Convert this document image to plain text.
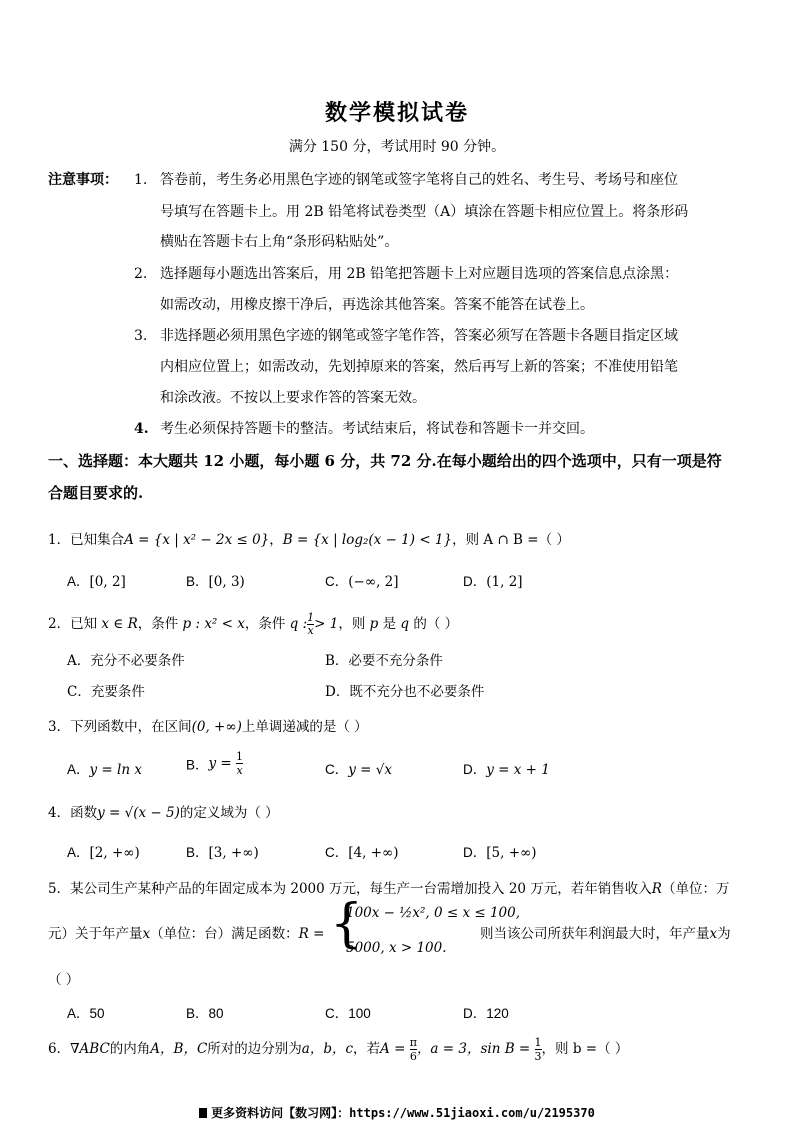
数学模拟试卷
满分 150 分，考试用时 90 分钟。
注意事项： 1. 答卷前，考生务必用黑色字迹的钢笔或签字笔将自己的姓名、考生号、考场号和座位
号填写在答题卡上。用 2B 铅笔将试卷类型（A）填涂在答题卡相应位置上。将条形码
横贴在答题卡右上角“条形码粘贴处”。
2. 选择题每小题选出答案后，用 2B 铅笔把答题卡上对应题目选项的答案信息点涂黑：
如需改动，用橡皮擦干净后，再选涂其他答案。答案不能答在试卷上。
3. 非选择题必须用黑色字迹的钢笔或签字笔作答，答案必须写在答题卡各题目指定区域
内相应位置上；如需改动，先划掉原来的答案，然后再写上新的答案；不准使用铅笔
和涂改液。不按以上要求作答的答案无效。
4. 考生必须保持答题卡的整洁。考试结束后，将试卷和答题卡一并交回。
一、选择题：本大题共 12 小题，每小题 6 分，共 72 分.在每小题给出的四个选项中，只有一项是符
合题目要求的.
1．已知集合A = {x | x² − 2x ≤ 0}，B = {x | log₂(x − 1) < 1}，则 A ∩ B =（ ）
A．[0, 2]	B．[0, 3)	C．(−∞, 2]	D．(1, 2]
2．已知 x ∈ R，条件 p : x² < x，条件 q : $\frac{1}{x} > 1$，则 p 是 q 的（ ）
A．充分不必要条件	B．必要不充分条件
C．充要条件	D．既不充分也不必要条件
3．下列函数中，在区间(0, +∞)上单调递减的是（ ）
A．y = ln x	B．$y = \frac{1}{x}$	C．y = √x	D．y = x + 1
4．函数y = √(x − 5)的定义域为（ ）
A．[2, +∞)	B．[3, +∞)	C．[4, +∞)	D．[5, +∞)
5．某公司生产某种产品的年固定成本为 2000 万元，每生产一台需增加投入 20 万元，若年销售收入R（单位：万
元）关于年产量x（单位：台）满足函数：R = {
100x − ½x², 0 ≤ x ≤ 100,
5000, x > 100.
则当该公司所获年利润最大时，年产量x为
（ ）
A．50	B．80	C．100	D．120
6．∇ABC的内角A，B，C所对的边分别为a，b，c，若$A = \frac{\pi}{6}$ ，a = 3，$\sin B = \frac{1}{3}$ ，则 b =（ ）
更多资料访问【数习网】：https://www.51jiaoxi.com/u/2195370
